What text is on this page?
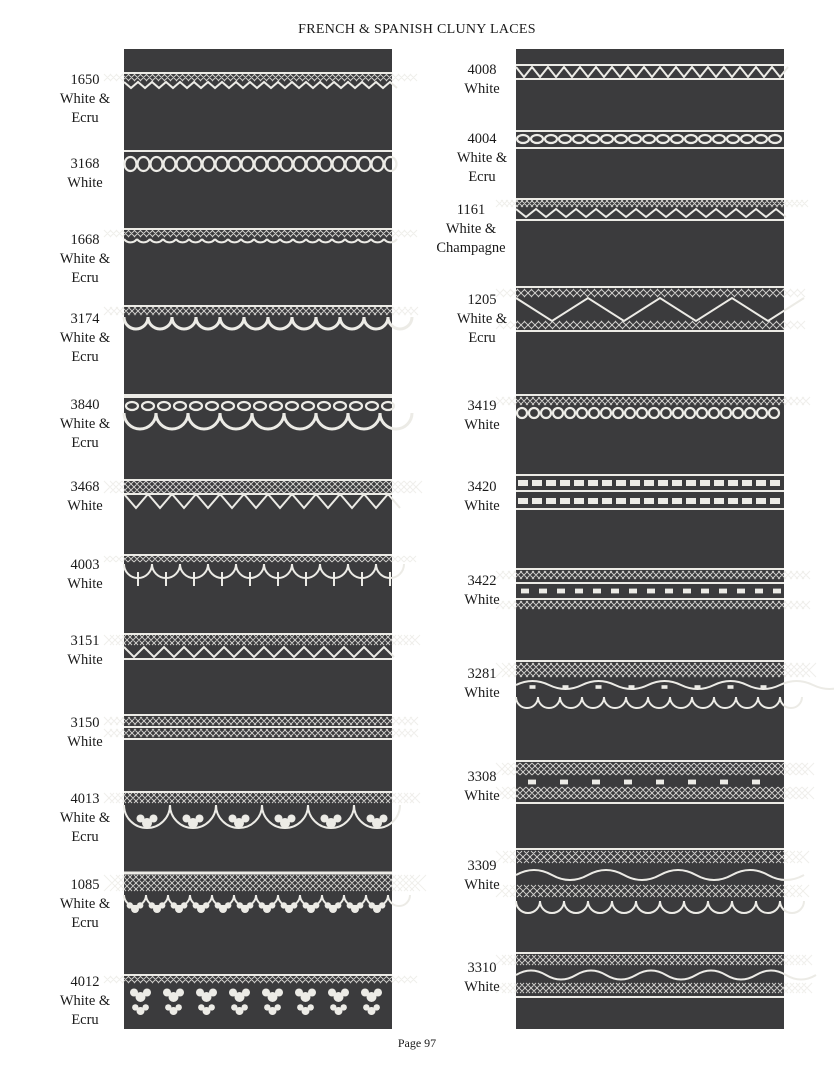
FRENCH & SPANISH CLUNY LACES
1650
White &
Ecru
3168
White
1668
White &
Ecru
3174
White &
Ecru
3840
White &
Ecru
3468
White
4003
White
3151
White
3150
White
4013
White &
Ecru
1085
White &
Ecru
4012
White &
Ecru
4008
White
4004
White &
Ecru
1161
White &
Champagne
1205
White &
Ecru
3419
White
3420
White
3422
White
3281
White
3308
White
3309
White
3310
White
Page 97
